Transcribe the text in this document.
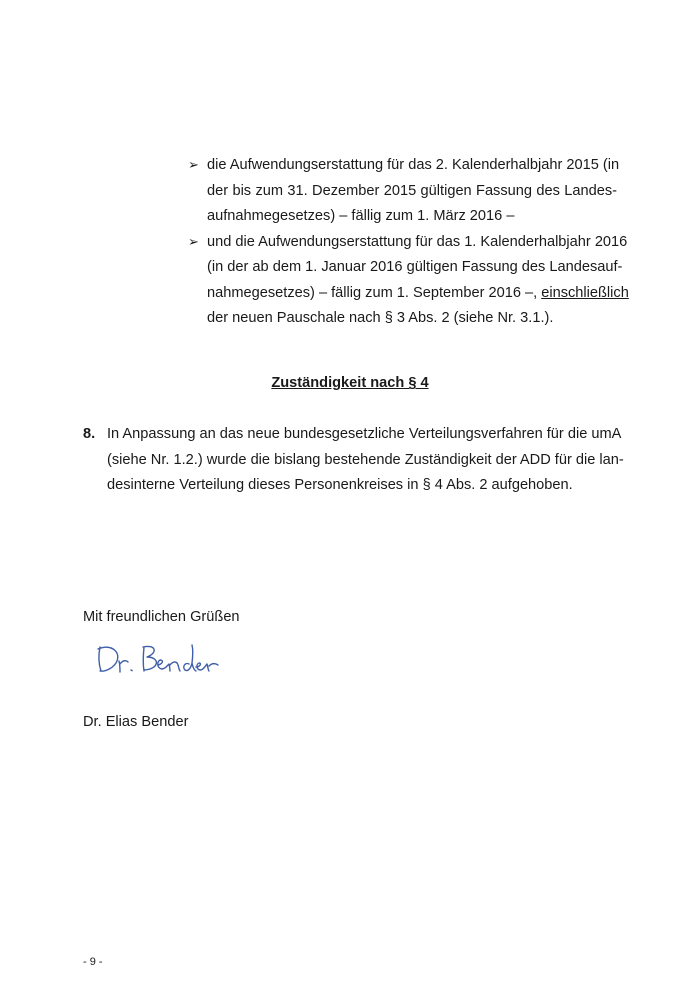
➢ die Aufwendungserstattung für das 2. Kalenderhalbjahr 2015 (in
der bis zum 31. Dezember 2015 gültigen Fassung des Landes-
aufnahmegesetzes) – fällig zum 1. März 2016 –
➢ und die Aufwendungserstattung für das 1. Kalenderhalbjahr 2016
(in der ab dem 1. Januar 2016 gültigen Fassung des Landesauf-
nahmegesetzes) – fällig zum 1. September 2016 –, einschließlich
der neuen Pauschale nach § 3 Abs. 2 (siehe Nr. 3.1.).
Zuständigkeit nach § 4
8. In Anpassung an das neue bundesgesetzliche Verteilungsverfahren für die umA
(siehe Nr. 1.2.) wurde die bislang bestehende Zuständigkeit der ADD für die lan-
desinterne Verteilung dieses Personenkreises in § 4 Abs. 2 aufgehoben.
Mit freundlichen Grüßen
Dr. Elias Bender
- 9 -
